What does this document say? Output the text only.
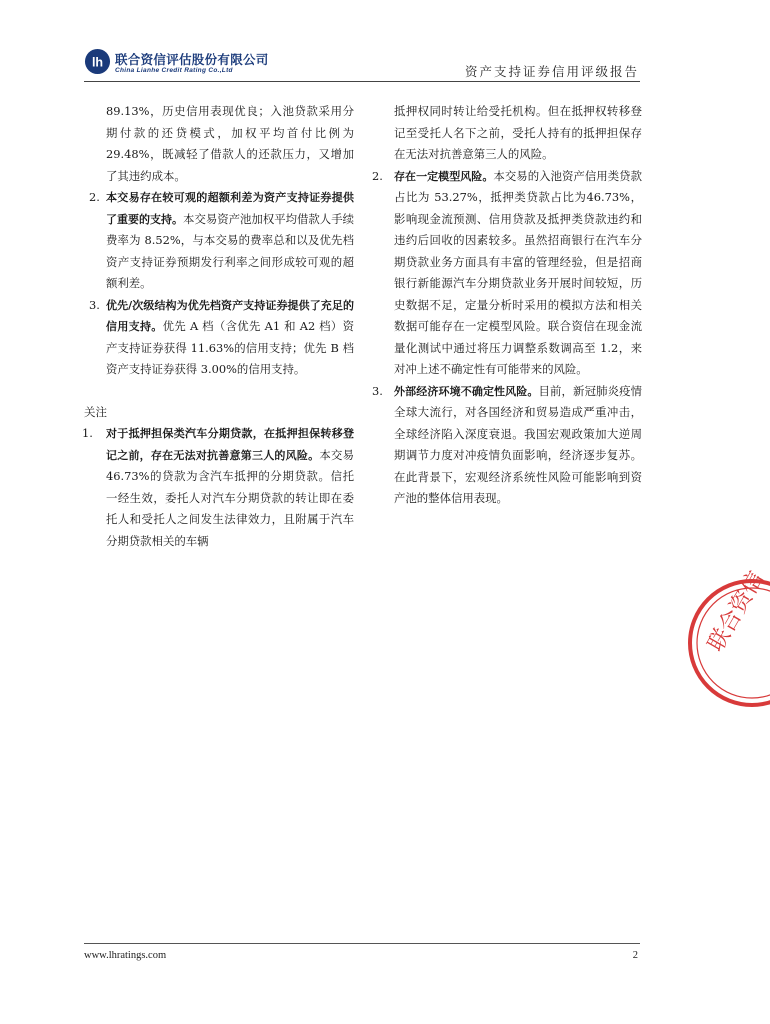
lh 联合资信评估股份有限公司
China Lianhe Credit Rating Co.,Ltd	资产支持证券信用评级报告

89.13%，历史信用表现优良；入池贷款采用分期付款的还贷模式，加权平均首付比例为29.48%，既减轻了借款人的还款压力，又增加了其违约成本。

2. 本交易存在较可观的超额利差为资产支持证券提供了重要的支持。本交易资产池加权平均借款人手续费率为 8.52%，与本交易的费率总和以及优先档资产支持证券预期发行利率之间形成较可观的超额利差。
3. 优先/次级结构为优先档资产支持证券提供了充足的信用支持。优先 A 档（含优先 A1 和 A2 档）资产支持证券获得 11.63%的信用支持；优先 B 档资产支持证券获得 3.00%的信用支持。
关注
1. 对于抵押担保类汽车分期贷款，在抵押担保转移登记之前，存在无法对抗善意第三人的风险。本交易 46.73%的贷款为含汽车抵押的分期贷款。信托一经生效，委托人对汽车分期贷款的转让即在委托人和受托人之间发生法律效力，且附属于汽车分期贷款相关的车辆

抵押权同时转让给受托机构。但在抵押权转移登记至受托人名下之前，受托人持有的抵押担保存在无法对抗善意第三人的风险。

2. 存在一定模型风险。本交易的入池资产信用类贷款占比为 53.27%，抵押类贷款占比为46.73%，影响现金流预测、信用贷款及抵押类贷款违约和违约后回收的因素较多。虽然招商银行在汽车分期贷款业务方面具有丰富的管理经验，但是招商银行新能源汽车分期贷款业务开展时间较短，历史数据不足，定量分析时采用的模拟方法和相关数据可能存在一定模型风险。联合资信在现金流量化测试中通过将压力调整系数调高至 1.2，来对冲上述不确定性有可能带来的风险。
3. 外部经济环境不确定性风险。目前，新冠肺炎疫情全球大流行，对各国经济和贸易造成严重冲击，全球经济陷入深度衰退。我国宏观政策加大逆周期调节力度对冲疫情负面影响，经济逐步复苏。在此背景下，宏观经济系统性风险可能影响到资产池的整体信用表现。
联合资信
www.lhratings.com	2
